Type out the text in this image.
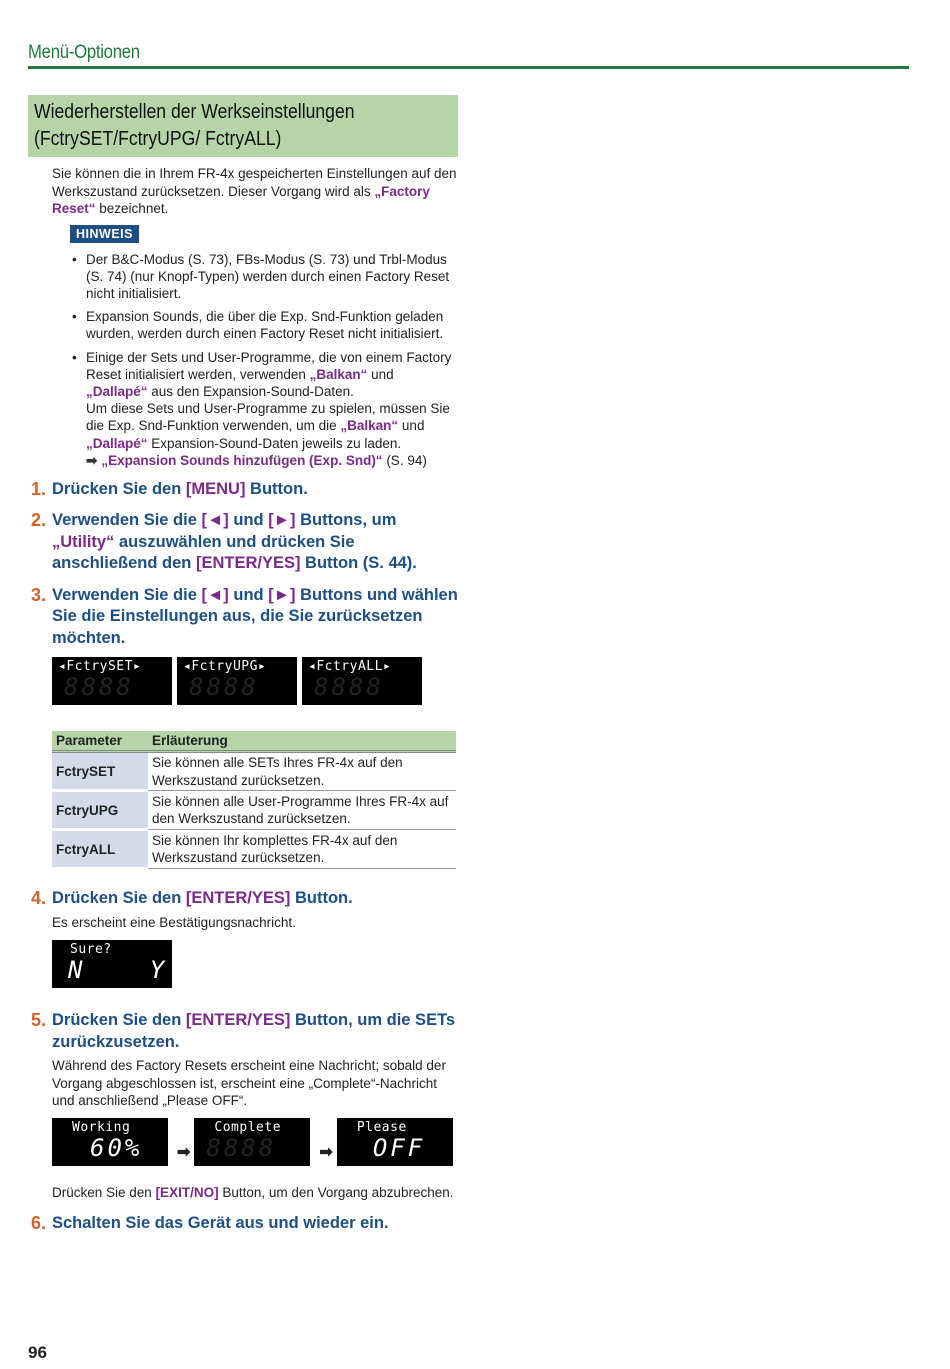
Menü-Optionen
Wiederherstellen der Werkseinstellungen (FctrySET/FctryUPG/ FctryALL)
Sie können die in Ihrem FR-4x gespeicherten Einstellungen auf den Werkszustand zurücksetzen. Dieser Vorgang wird als „Factory Reset“ bezeichnet.
HINWEIS
• Der B&C-Modus (S. 73), FBs-Modus (S. 73) und Trbl-Modus (S. 74) (nur Knopf-Typen) werden durch einen Factory Reset nicht initialisiert.
• Expansion Sounds, die über die Exp. Snd-Funktion geladen wurden, werden durch einen Factory Reset nicht initialisiert.
• Einige der Sets und User-Programme, die von einem Factory Reset initialisiert werden, verwenden „Balkan“ und „Dallapé“ aus den Expansion-Sound-Daten.
Um diese Sets und User-Programme zu spielen, müssen Sie die Exp. Snd-Funktion verwenden, um die „Balkan“ und „Dallapé“ Expansion-Sound-Daten jeweils zu laden.
➡ „Expansion Sounds hinzufügen (Exp. Snd)“ (S. 94)
1. Drücken Sie den [MENU] Button.
2. Verwenden Sie die [◄] und [►] Buttons, um „Utility“ auszuwählen und drücken Sie anschließend den [ENTER/YES] Button (S. 44).
3. Verwenden Sie die [◄] und [►] Buttons und wählen Sie die Einstellungen aus, die Sie zurücksetzen möchten.
◂FctrySET▸
8888
◂FctryUPG▸
8888
◂FctryALL▸
8888
Parameter	Erläuterung
FctrySET	Sie können alle SETs Ihres FR-4x auf den Werkszustand zurücksetzen.
FctryUPG	Sie können alle User-Programme Ihres FR-4x auf den Werkszustand zurücksetzen.
FctryALL	Sie können Ihr komplettes FR-4x auf den Werkszustand zurücksetzen.
4. Drücken Sie den [ENTER/YES] Button.
Es erscheint eine Bestätigungsnachricht.
Sure?
N   Y
5. Drücken Sie den [ENTER/YES] Button, um die SETs zurückzusetzen.
Während des Factory Resets erscheint eine Nachricht; sobald der Vorgang abgeschlossen ist, erscheint eine „Complete“-Nachricht und anschließend „Please OFF“.
Working
60% ➡
Complete
8888	➡
Please
OFF
Drücken Sie den [EXIT/NO] Button, um den Vorgang abzubrechen.
6. Schalten Sie das Gerät aus und wieder ein.
96
